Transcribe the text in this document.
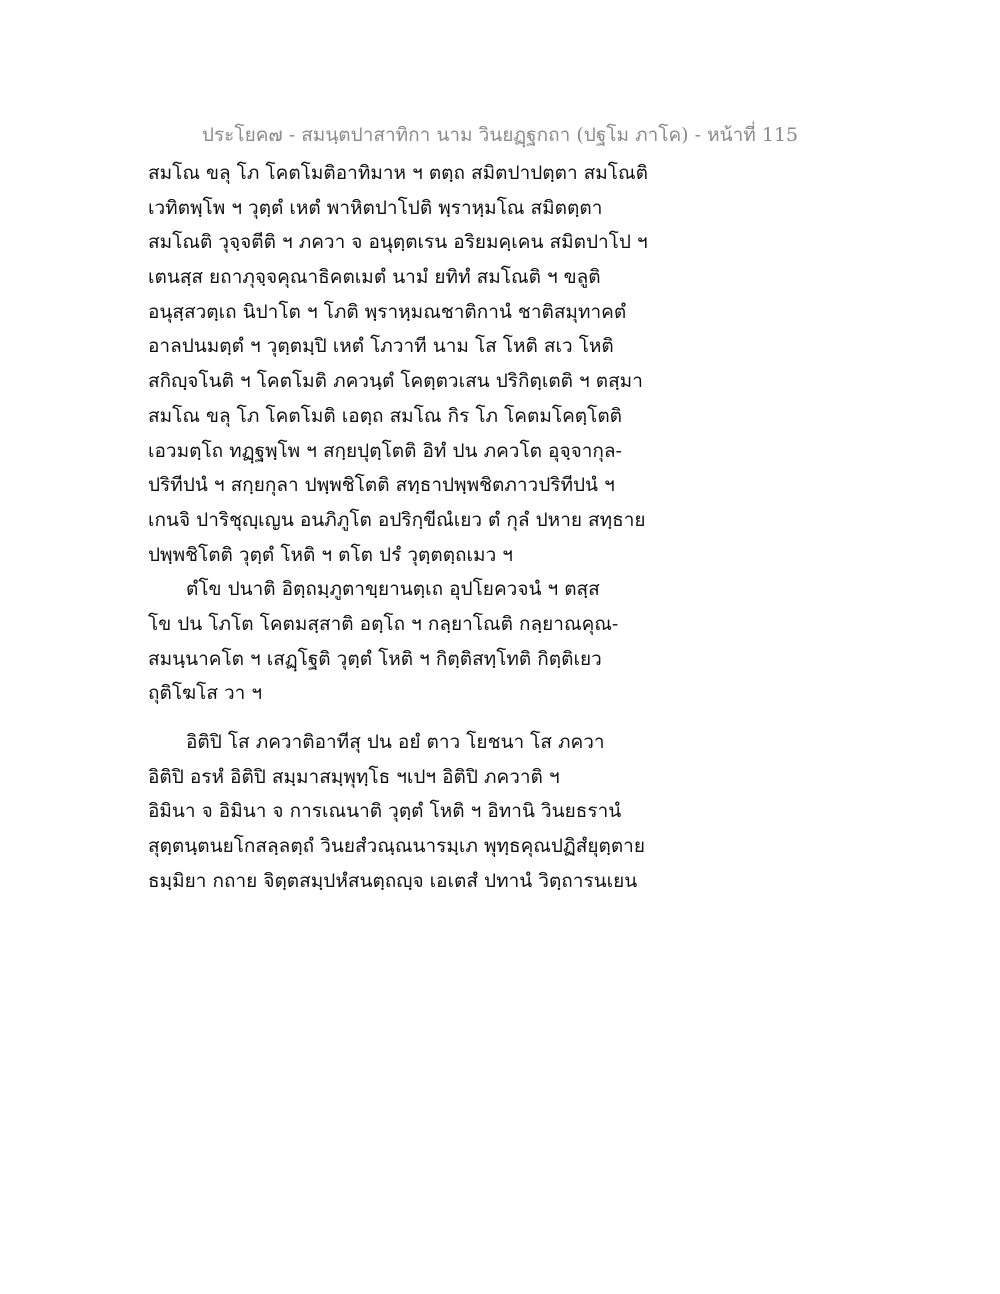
ประโยค๗ - สมนฺตปาสาทิกา นาม วินยฏฺฐกถา (ปฐโม ภาโค) - หน้าที่ 115
สมโณ ขลุ โภ โคตโมติอาทิมาห ฯ ตตฺถ สมิตปาปตฺตา สมโณติ
เวทิตพฺโพ ฯ วุตฺตํ เหตํ พาหิตปาโปติ พฺราหฺมโณ สมิตตฺตา
สมโณติ วุจฺจตีติ ฯ ภควา จ อนุตฺตเรน อริยมคฺเคน สมิตปาโป ฯ
เตนสฺส ยถาภุจฺจคุณาธิคตเมตํ นามํ ยทิทํ สมโณติ ฯ ขลูติ
อนุสฺสวตฺเถ นิปาโต ฯ โภติ พฺราหฺมณชาติกานํ ชาติสมุทาคตํ
อาลปนมตฺตํ ฯ วุตฺตมฺปิ เหตํ โภวาที นาม โส โหติ สเว โหติ
สกิญฺจโนติ ฯ โคตโมติ ภควนฺตํ โคตฺตวเสน ปริกิตฺเตติ ฯ ตสฺมา
สมโณ ขลุ โภ โคตโมติ เอตฺถ สมโณ กิร โภ โคตมโคตฺโตติ
เอวมตฺโถ ทฏฺฐพฺโพ ฯ สกฺยปุตฺโตติ อิทํ ปน ภควโต อุจฺจากุล-
ปริทีปนํ ฯ สกฺยกุลา ปพฺพชิโตติ สทฺธาปพฺพชิตภาวปริทีปนํ ฯ
เกนจิ ปาริชุญฺเญน อนภิภูโต อปริกฺขีณํเยว ตํ กุลํ ปหาย สทฺธาย
ปพฺพชิโตติ วุตฺตํ โหติ ฯ ตโต ปรํ วุตฺตตฺถเมว ฯ
ตํโข ปนาติ อิตฺถมฺภูตาขฺยานตฺเถ อุปโยควจนํ ฯ ตสฺส
โข ปน โภโต โคตมสฺสาติ อตฺโถ ฯ กลฺยาโณติ กลฺยาณคุณ-
สมนฺนาคโต ฯ เสฏฺโฐติ วุตฺตํ โหติ ฯ กิตฺติสทฺโทติ กิตฺติเยว
ถุติโฆโส วา ฯ
อิติปิ โส ภควาติอาทีสุ ปน อยํ ตาว โยชนา โส ภควา
อิติปิ อรหํ อิติปิ สมฺมาสมฺพุทฺโธ ฯเปฯ อิติปิ ภควาติ ฯ
อิมินา จ อิมินา จ การเณนาติ วุตฺตํ โหติ ฯ อิทานิ วินยธรานํ
สุตฺตนฺตนยโกสลฺลตฺถํ วินยสํวณฺณนารมฺเภ พุทฺธคุณปฏิสํยุตฺตาย
ธมฺมิยา กถาย จิตฺตสมฺปหํสนตฺถญฺจ เอเตสํ ปทานํ วิตฺถารนเยน
